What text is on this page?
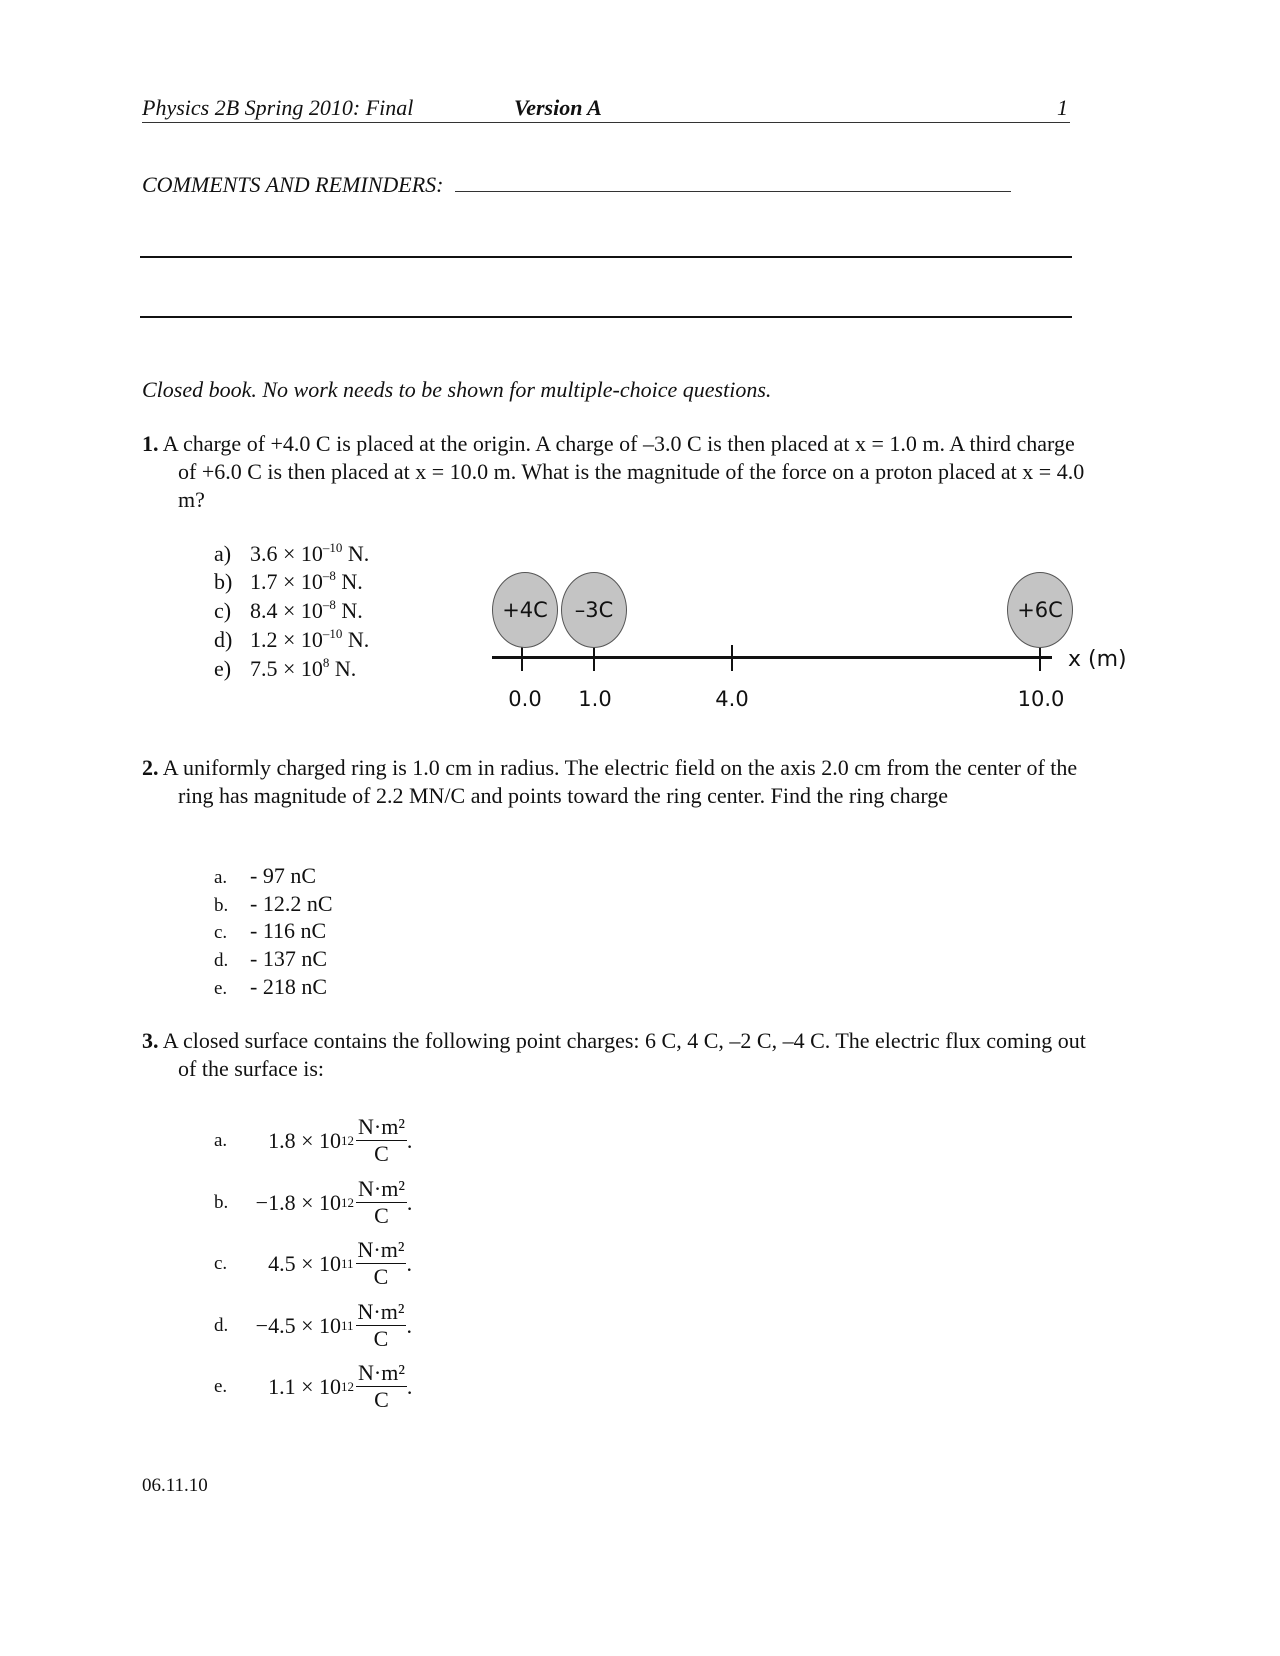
Physics 2B Spring 2010: Final	Version A	1
COMMENTS AND REMINDERS:
Closed book. No work needs to be shown for multiple-choice questions.
1. A charge of +4.0 C is placed at the origin. A charge of –3.0 C is then placed at x = 1.0 m. A third charge of +6.0 C is then placed at x = 10.0 m. What is the magnitude of the force on a proton placed at x = 4.0 m?
a) $3.6 \times 10^{-10}$ N.
b) $1.7 \times 10^{-8}$ N.
c) $8.4 \times 10^{-8}$ N.
d) $1.2 \times 10^{-10}$ N.
e) $7.5 \times 10^8$ N.
+4C	–3C	+6C
0.0 1.0	4.0	10.0
x (m)
2. A uniformly charged ring is 1.0 cm in radius. The electric field on the axis 2.0 cm from the center of the ring has magnitude of 2.2 MN/C and points toward the ring center. Find the ring charge
a. - 97 nC
b. - 12.2 nC
c. - 116 nC
d. - 137 nC
e. - 218 nC
3. A closed surface contains the following point charges: 6 C, 4 C, –2 C, –4 C. The electric flux coming out of the surface is:
a.	1.8 × 10 $12 \frac{\text{N·m²}}{C}$ .
b.	−1.8 × 10 $12 \frac{\text{N·m²}}{C}$ .
c.	4.5 × 10 $11 \frac{\text{N·m²}}{C}$ .
d.	−4.5 × 10 $11 \frac{\text{N·m²}}{C}$ .
e.	1.1 × 10 $12 \frac{\text{N·m²}}{C}$ .
06.11.10
